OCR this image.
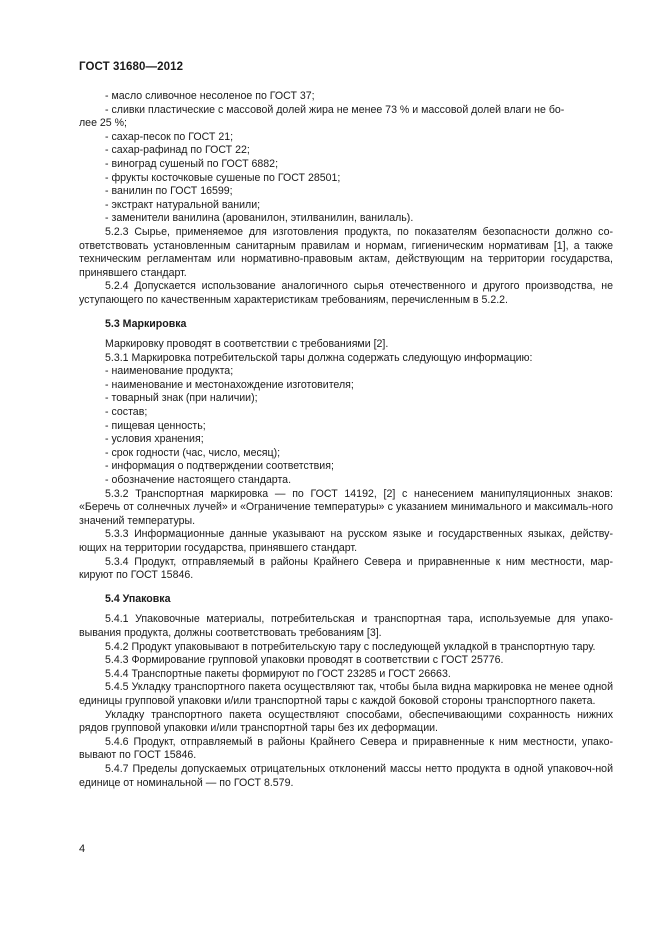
ГОСТ 31680—2012

- масло сливочное несоленое по ГОСТ 37;

- сливки пластические с массовой долей жира не менее 73 % и массовой долей влаги не бо-

лее 25 %;

- сахар-песок по ГОСТ 21;

- сахар-рафинад по ГОСТ 22;

- виноград сушеный по ГОСТ 6882;

- фрукты косточковые сушеные по ГОСТ 28501;

- ванилин по ГОСТ 16599;

- экстракт натуральной ванили;

- заменители ванилина (арованилон, этилванилин, ванилаль).

5.2.3 Сырье, применяемое для изготовления продукта, по показателям безопасности должно со-ответствовать установленным санитарным правилам и нормам, гигиеническим нормативам [1], а также техническим регламентам или нормативно-правовым актам, действующим на территории государства, принявшего стандарт.

5.2.4 Допускается использование аналогичного сырья отечественного и другого производства, не уступающего по качественным характеристикам требованиям, перечисленным в 5.2.2.

5.3 Маркировка

Маркировку проводят в соответствии с требованиями [2].

5.3.1 Маркировка потребительской тары должна содержать следующую информацию:

- наименование продукта;

- наименование и местонахождение изготовителя;

- товарный знак (при наличии);

- состав;

- пищевая ценность;

- условия хранения;

- срок годности (час, число, месяц);

- информация о подтверждении соответствия;

- обозначение настоящего стандарта.

5.3.2 Транспортная маркировка — по ГОСТ 14192, [2] с нанесением манипуляционных знаков: «Беречь от солнечных лучей» и «Ограничение температуры» с указанием минимального и максималь-ного значений температуры.

5.3.3 Информационные данные указывают на русском языке и государственных языках, действу-ющих на территории государства, принявшего стандарт.

5.3.4 Продукт, отправляемый в районы Крайнего Севера и приравненные к ним местности, мар-кируют по ГОСТ 15846.

5.4 Упаковка

5.4.1 Упаковочные материалы, потребительская и транспортная тара, используемые для упако-вывания продукта, должны соответствовать требованиям [3].

5.4.2 Продукт упаковывают в потребительскую тару с последующей укладкой в транспортную тару.

5.4.3 Формирование групповой упаковки проводят в соответствии с ГОСТ 25776.

5.4.4 Транспортные пакеты формируют по ГОСТ 23285 и ГОСТ 26663.

5.4.5 Укладку транспортного пакета осуществляют так, чтобы была видна маркировка не менее одной единицы групповой упаковки и/или транспортной тары с каждой боковой стороны транспортного пакета.

Укладку транспортного пакета осуществляют способами, обеспечивающими сохранность нижних рядов групповой упаковки и/или транспортной тары без их деформации.

5.4.6 Продукт, отправляемый в районы Крайнего Севера и приравненные к ним местности, упако-вывают по ГОСТ 15846.

5.4.7 Пределы допускаемых отрицательных отклонений массы нетто продукта в одной упаковоч-ной единице от номинальной — по ГОСТ 8.579.

4
